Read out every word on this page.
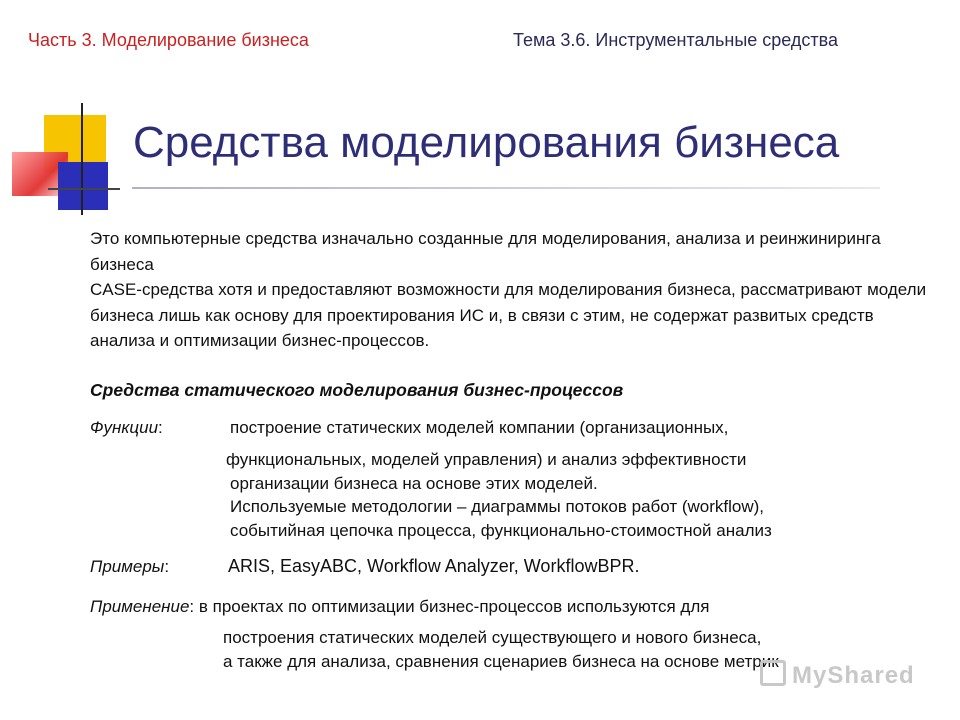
Часть 3. Моделирование бизнеса	Тема 3.6. Инструментальные средства
Средства моделирования бизнеса

Это компьютерные средства изначально созданные для моделирования, анализа и реинжиниринга бизнеса

CASE-средства хотя и предоставляют возможности для моделирования бизнеса, рассматривают модели бизнеса лишь как основу для проектирования ИС и, в связи с этим, не содержат развитых средств анализа и оптимизации бизнес-процессов.

Средства статического моделирования бизнес-процессов
Функции:	построение статических моделей компании (организационных,
функциональных, моделей управления) и анализ эффективности
организации бизнеса на основе этих моделей.
Используемые методологии – диаграммы потоков работ (workflow),
событийная цепочка процесса, функционально-стоимостной анализ
Примеры:	ARIS, EasyABC, Workflow Analyzer, WorkflowBPR.
Применение: в проектах по оптимизации бизнес-процессов используются для
построения статических моделей существующего и нового бизнеса,
а также для анализа, сравнения сценариев бизнеса на основе метрик
MyShared
